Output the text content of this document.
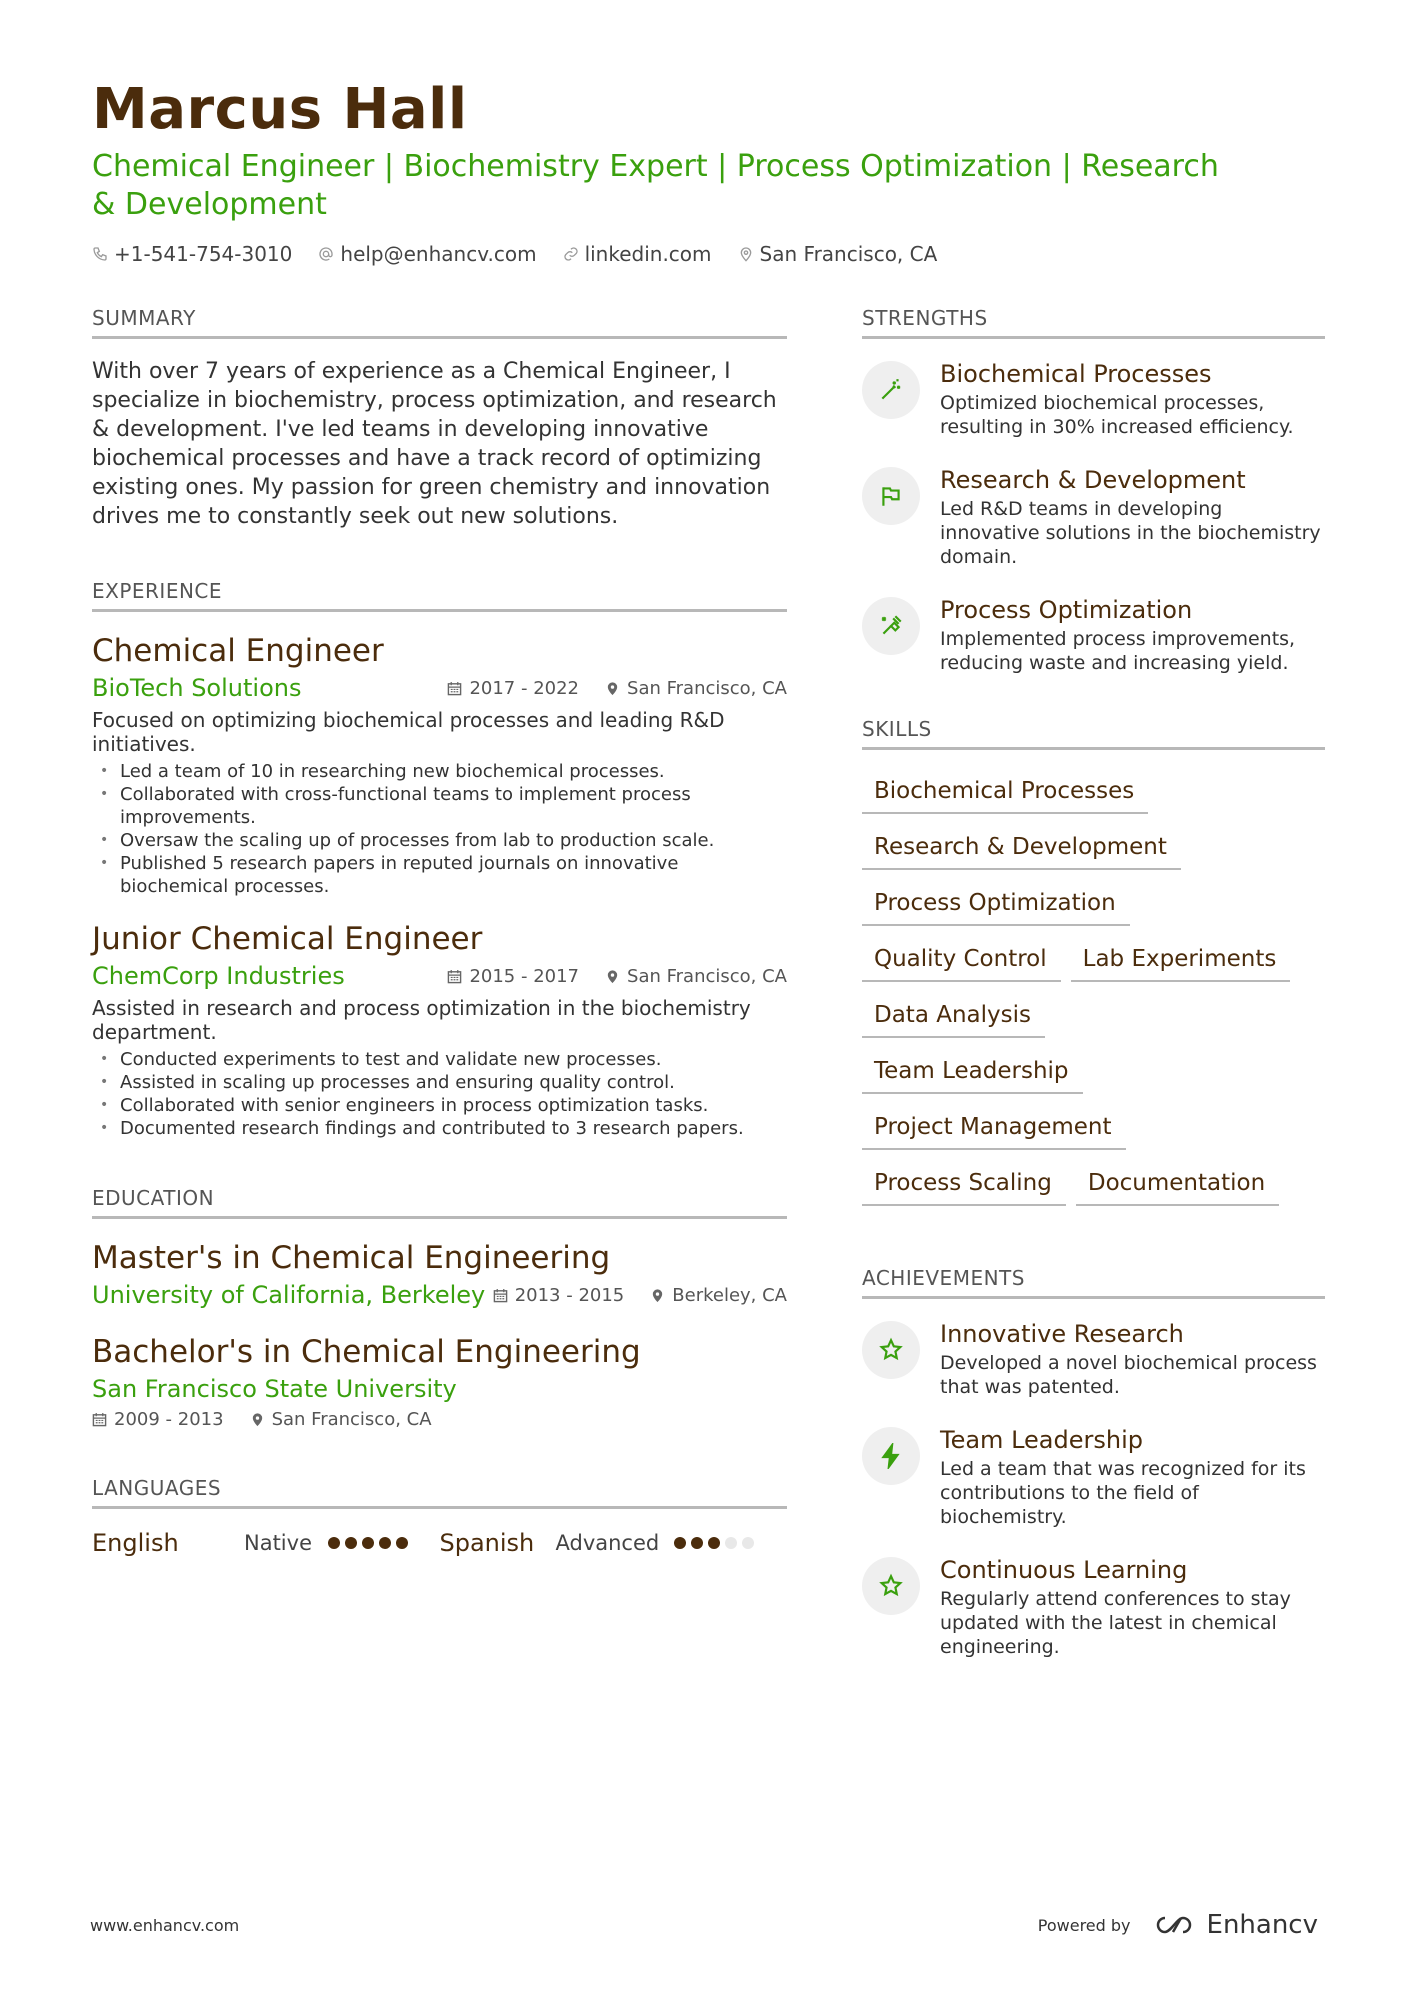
Marcus Hall
Chemical Engineer | Biochemistry Expert | Process Optimization | Research & Development
+1-541-754-3010 help@enhancv.com linkedin.com San Francisco, CA
SUMMARY
With over 7 years of experience as a Chemical Engineer, I specialize in biochemistry, process optimization, and research & development. I've led teams in developing innovative biochemical processes and have a track record of optimizing existing ones. My passion for green chemistry and innovation drives me to constantly seek out new solutions.
EXPERIENCE
Chemical Engineer
BioTech Solutions	2017 - 2022	San Francisco, CA
Focused on optimizing biochemical processes and leading R&D initiatives.
• Led a team of 10 in researching new biochemical processes.
• Collaborated with cross-functional teams to implement process improvements.
• Oversaw the scaling up of processes from lab to production scale.
• Published 5 research papers in reputed journals on innovative biochemical processes.
Junior Chemical Engineer
ChemCorp Industries	2015 - 2017	San Francisco, CA
Assisted in research and process optimization in the biochemistry department.
• Conducted experiments to test and validate new processes.
• Assisted in scaling up processes and ensuring quality control.
• Collaborated with senior engineers in process optimization tasks.
• Documented research findings and contributed to 3 research papers.
EDUCATION
Master's in Chemical Engineering
University of California, Berkeley 2013 - 2015	Berkeley, CA
Bachelor's in Chemical Engineering
San Francisco State University
2009 - 2013	San Francisco, CA
LANGUAGES
English	Native	Spanish	Advanced
STRENGTHS
Biochemical Processes
Optimized biochemical processes, resulting in 30% increased efficiency.
Research & Development
Led R&D teams in developing innovative solutions in the biochemistry domain.
Process Optimization
Implemented process improvements, reducing waste and increasing yield.
SKILLS
Biochemical Processes
Research & Development
Process Optimization
Quality Control	Lab Experiments
Data Analysis
Team Leadership
Project Management
Process Scaling	Documentation
ACHIEVEMENTS
Innovative Research
Developed a novel biochemical process that was patented.
Team Leadership
Led a team that was recognized for its contributions to the field of biochemistry.
Continuous Learning
Regularly attend conferences to stay updated with the latest in chemical engineering.
www.enhancv.com	Powered by	Enhancv
